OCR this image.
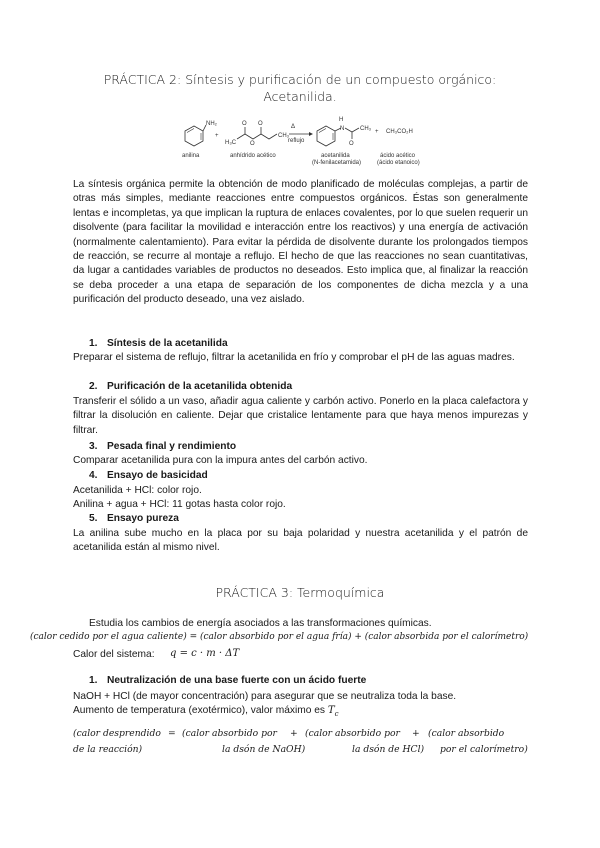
PRÁCTICA 2: Síntesis y purificación de un compuesto orgánico:
Acetanilida.
NH₂	O O
O
H₃C
CH₃
Δ
reflujo
H
N
O
CH₃
+
+ CH₃CO₂H
anilina	anhídrido acético	acetanilida
(N-fenilacetamida)
ácido acético
(ácido etanoico)

La síntesis orgánica permite la obtención de modo planificado de moléculas complejas, a partir de otras más simples, mediante reacciones entre compuestos orgánicos. Éstas son generalmente lentas e incompletas, ya que implican la ruptura de enlaces covalentes, por lo que suelen requerir un disolvente (para facilitar la movilidad e interacción entre los reactivos) y una energía de activación (normalmente calentamiento). Para evitar la pérdida de disolvente durante los prolongados tiempos de reacción, se recurre al montaje a reflujo. El hecho de que las reacciones no sean cuantitativas, da lugar a cantidades variables de productos no deseados. Esto implica que, al finalizar la reacción se deba proceder a una etapa de separación de los componentes de dicha mezcla y a una purificación del producto deseado, una vez aislado.

1. Síntesis de la acetanilida

Preparar el sistema de reflujo, filtrar la acetanilida en frío y comprobar el pH de las aguas madres.

2. Purificación de la acetanilida obtenida

Transferir el sólido a un vaso, añadir agua caliente y carbón activo. Ponerlo en la placa calefactora y filtrar la disolución en caliente. Dejar que cristalice lentamente para que haya menos impurezas y filtrar.

3. Pesada final y rendimiento
Comparar acetanilida pura con la impura antes del carbón activo.
4. Ensayo de basicidad
Acetanilida + HCl: color rojo.
Anilina + agua + HCl: 11 gotas hasta color rojo.
5. Ensayo pureza

La anilina sube mucho en la placa por su baja polaridad y nuestra acetanilida y el patrón de acetanilida están al mismo nivel.

PRÁCTICA 3: Termoquímica
Estudia los cambios de energía asociados a las transformaciones químicas.
(calor cedido por el agua caliente) = (calor absorbido por el agua fría) + (calor absorbida por el calorímetro)
Calor del sistema: q = c · m · ΔT
1. Neutralización de una base fuerte con un ácido fuerte
NaOH + HCl (de mayor concentración) para asegurar que se neutraliza toda la base.
Aumento de temperatura (exotérmico), valor máximo es $T_c$
(calor desprendido = (calor absorbido por + (calor absorbido por + (calor absorbido
de la reacción)	la dsón de NaOH)	la dsón de HCl) por el calorímetro)
